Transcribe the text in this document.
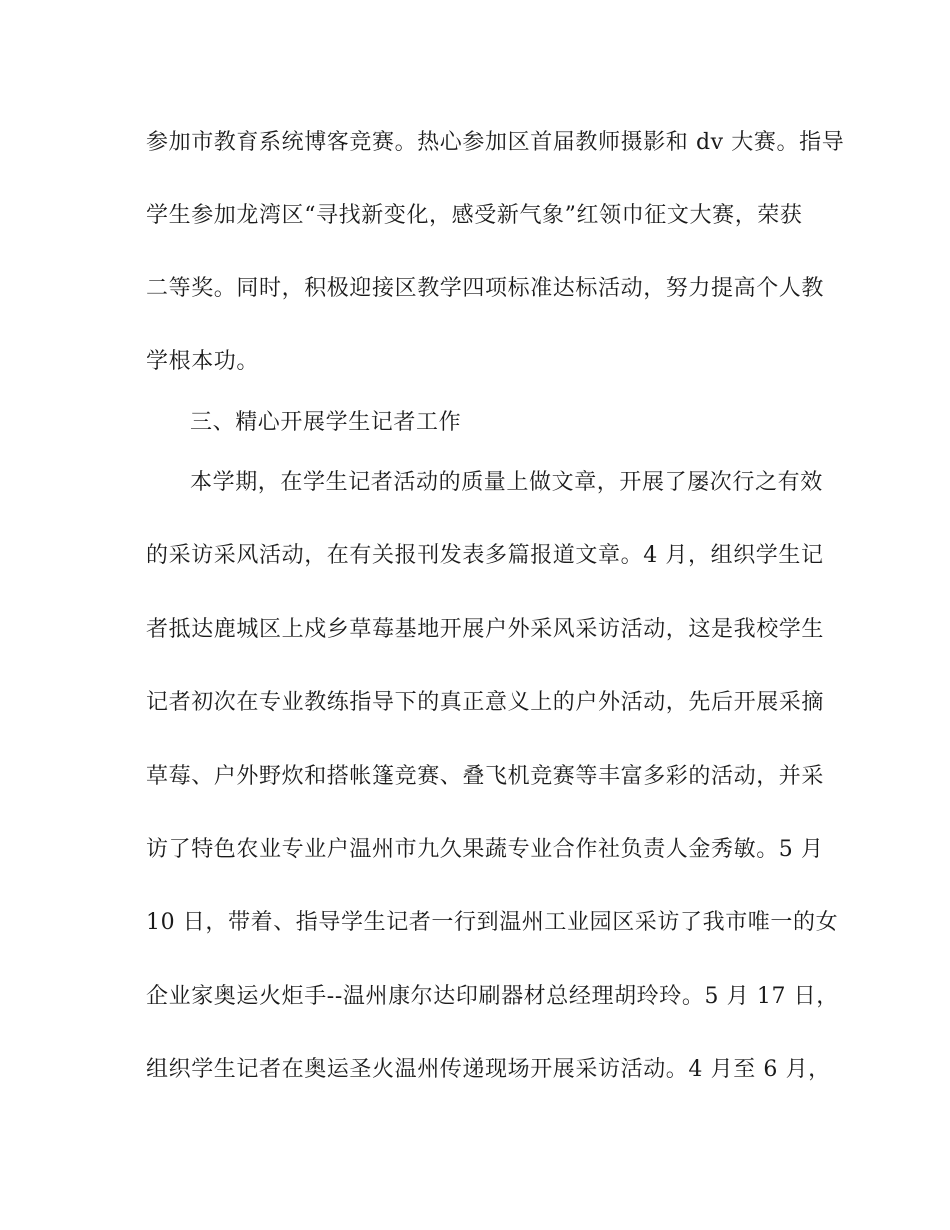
参加市教育系统博客竞赛。热心参加区首届教师摄影和 dv 大赛。指导
学生参加龙湾区“寻找新变化，感受新气象”红领巾征文大赛，荣获
二等奖。同时，积极迎接区教学四项标准达标活动，努力提高个人教
学根本功。
三、精心开展学生记者工作
本学期，在学生记者活动的质量上做文章，开展了屡次行之有效
的采访采风活动，在有关报刊发表多篇报道文章。4 月，组织学生记
者抵达鹿城区上戍乡草莓基地开展户外采风采访活动，这是我校学生
记者初次在专业教练指导下的真正意义上的户外活动，先后开展采摘
草莓、户外野炊和搭帐篷竞赛、叠飞机竞赛等丰富多彩的活动，并采
访了特色农业专业户温州市九久果蔬专业合作社负责人金秀敏。5 月
10 日，带着、指导学生记者一行到温州工业园区采访了我市唯一的女
企业家奥运火炬手--温州康尔达印刷器材总经理胡玲玲。5 月 17 日，
组织学生记者在奥运圣火温州传递现场开展采访活动。4 月至 6 月，
